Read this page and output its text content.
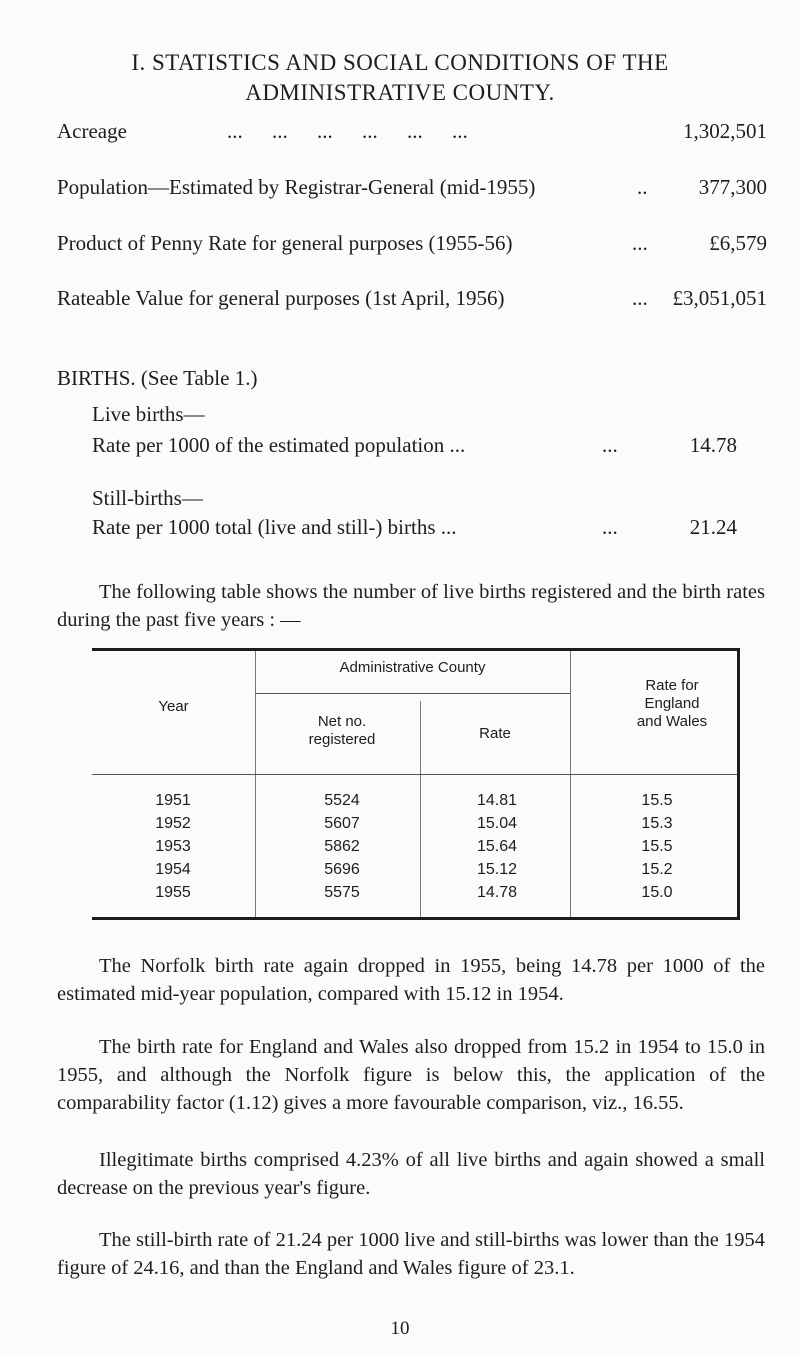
I. STATISTICS AND SOCIAL CONDITIONS OF THE
ADMINISTRATIVE COUNTY.
Acreage	... ... ... ... ... ...	1,302,501
Population—Estimated by Registrar-General (mid-1955)	.. 377,300
Product of Penny Rate for general purposes (1955-56)	...	£6,579
Rateable Value for general purposes (1st April, 1956)	... £3,051,051
BIRTHS. (See Table 1.)
Live births—
Rate per 1000 of the estimated population ...	...	14.78
Still-births—
Rate per 1000 total (live and still-) births ...	...	21.24
The following table shows the number of live births registered and the birth rates during the past five years : —
Year
Administrative County
Net no. registered	Rate
Rate for England and Wales
1951	5524	14.81	15.5
1952	5607	15.04	15.3
1953	5862	15.64	15.5
1954	5696	15.12	15.2
1955	5575	14.78	15.0
The Norfolk birth rate again dropped in 1955, being 14.78 per 1000 of the estimated mid-year population, compared with 15.12 in 1954.
The birth rate for England and Wales also dropped from 15.2 in 1954 to 15.0 in 1955, and although the Norfolk figure is below this, the application of the comparability factor (1.12) gives a more favourable comparison, viz., 16.55.
Illegitimate births comprised 4.23% of all live births and again showed a small decrease on the previous year's figure.
The still-birth rate of 21.24 per 1000 live and still-births was lower than the 1954 figure of 24.16, and than the England and Wales figure of 23.1.
10
